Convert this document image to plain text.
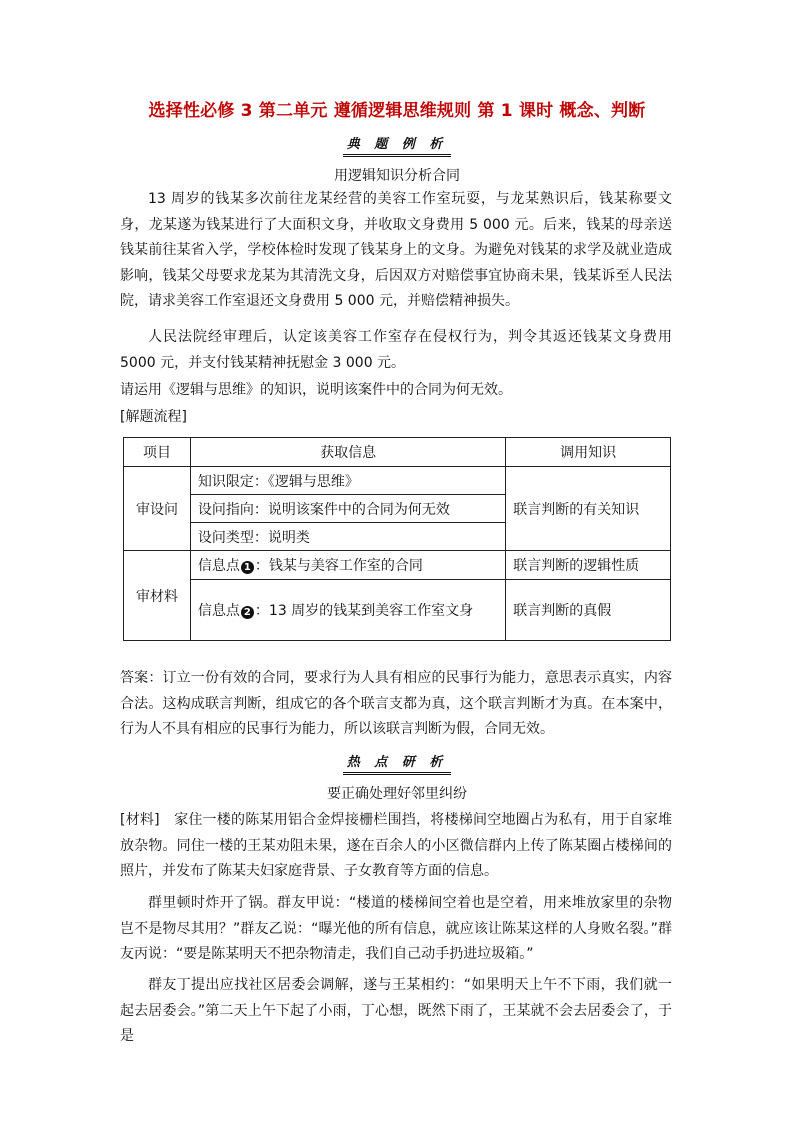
选择性必修 3 第二单元 遵循逻辑思维规则 第 1 课时 概念、判断
典 题 例 析
用逻辑知识分析合同

13 周岁的钱某多次前往龙某经营的美容工作室玩耍，与龙某熟识后，钱某称要文身，龙某遂为钱某进行了大面积文身，并收取文身费用 5 000 元。后来，钱某的母亲送钱某前往某省入学，学校体检时发现了钱某身上的文身。为避免对钱某的求学及就业造成影响，钱某父母要求龙某为其清洗文身，后因双方对赔偿事宜协商未果，钱某诉至人民法院，请求美容工作室退还文身费用 5 000 元，并赔偿精神损失。

人民法院经审理后，认定该美容工作室存在侵权行为，判令其返还钱某文身费用 5000 元，并支付钱某精神抚慰金 3 000 元。

请运用《逻辑与思维》的知识，说明该案件中的合同为何无效。

[解题流程]

项目	获取信息	调用知识
审设问	知识限定：《逻辑与思维》	联言判断的有关知识
	设问指向：说明该案件中的合同为何无效	
	设问类型：说明类	
审材料	信息点 1 ：钱某与美容工作室的合同	联言判断的逻辑性质
	信息点 2 ：13 周岁的钱某到美容工作室文身	联言判断的真假

答案：订立一份有效的合同，要求行为人具有相应的民事行为能力，意思表示真实，内容合法。这构成联言判断，组成它的各个联言支都为真，这个联言判断才为真。在本案中，行为人不具有相应的民事行为能力，所以该联言判断为假，合同无效。

热 点 研 析
要正确处理好邻里纠纷

[材料]　家住一楼的陈某用铝合金焊接栅栏围挡，将楼梯间空地圈占为私有，用于自家堆放杂物。同住一楼的王某劝阻未果，遂在百余人的小区微信群内上传了陈某圈占楼梯间的照片，并发布了陈某夫妇家庭背景、子女教育等方面的信息。

群里顿时炸开了锅。群友甲说：“楼道的楼梯间空着也是空着，用来堆放家里的杂物岂不是物尽其用？”群友乙说：“曝光他的所有信息，就应该让陈某这样的人身败名裂。”群友丙说：“要是陈某明天不把杂物清走，我们自己动手扔进垃圾箱。”

群友丁提出应找社区居委会调解，遂与王某相约：“如果明天上午不下雨，我们就一起去居委会。”第二天上午下起了小雨，丁心想，既然下雨了，王某就不会去居委会了，于是
